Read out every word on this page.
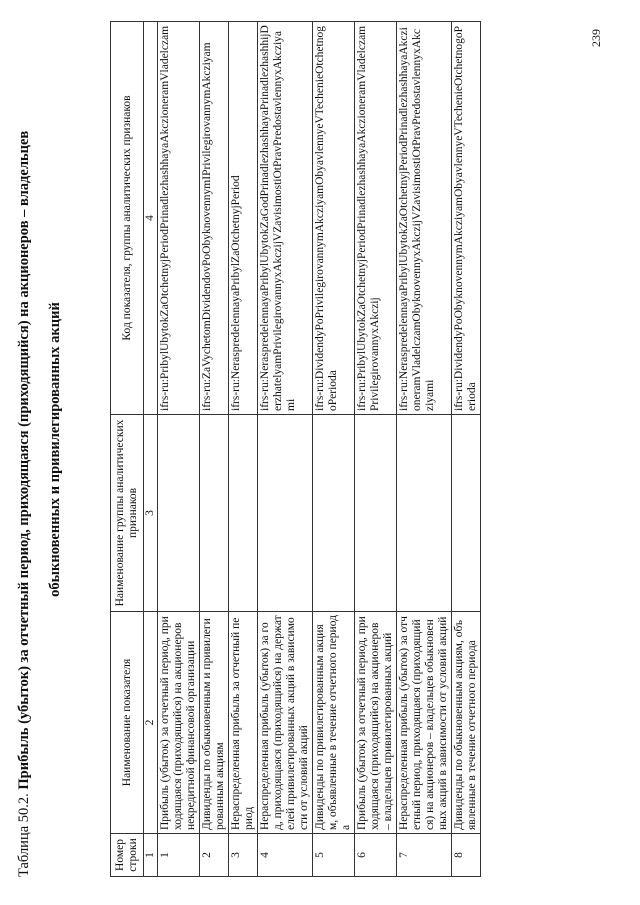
Таблица 50.2. Прибыль (убыток) за отчетный период, приходящаяся (приходящийся) на акционеров – владельцев обыкновенных и привилегированных акций
Номер строки	Наименование показателя	Наименование группы аналитических признаков	Код показателя, группы аналитических признаков
1	2	3	4
1	Прибыль (убыток) за отчетный период, приходящаяся (приходящийся) на акционеров некредитной финансовой организации		ifrs-ru:PribylUbytokZaOtchetnyjPeriodPrinadlezhashhayaAkczioneramVladelczam
2	Дивиденды по обыкновенным и привилегированным акциям		ifrs-ru:ZaVychetomDividendovPoObyknovennymIPrivilegirovannymAkcziyam
3	Нераспределенная прибыль за отчетный период		ifrs-ru:NeraspredelennayaPribylZaOtchetnyjPeriod
4	Нераспределенная прибыль (убыток) за год, приходящаяся (приходящийся) на держателей привилегированных акций в зависимости от условий акций		ifrs-ru:NeraspredelennayaPribylUbytokZaGodPrinadlezhashhayaPrinadlezhashhijDerzhatelyamPrivilegirovannyxAkczijVZavisimostiOtPravPredostavlennyxAkcziyami
5	Дивиденды по привилегированным акциям, объявленные в течение отчетного периода		ifrs-ru:DividendyPoPrivilegirovannymAkcziyamObyavlennyeVTechenieOtchetnogoPerioda
6	Прибыль (убыток) за отчетный период, приходящаяся (приходящийся) на акционеров – владельцев привилегированных акций		ifrs-ru:PribylUbytokZaOtchetnyjPeriodPrinadlezhashhayaAkczioneramVladelczamPrivilegirovannyxAkczij
7	Нераспределенная прибыль (убыток) за отчетный период, приходящаяся (приходящийся) на акционеров – владельцев обыкновенных акций в зависимости от условий акций		ifrs-ru:NeraspredelennayaPribylUbytokZaOtchetnyjPeriodPrinadlezhashhayaAkczioneramVladelczamObyknovennyxAkczijVZavisimostiOtPravPredostavlennyxAkcziyami
8	Дивиденды по обыкновенным акциям, объявленные в течение отчетного периода		ifrs-ru:DividendyPoObyknovennymAkcziyamObyavlennyeVTechenieOtchetnogoPerioda
239
